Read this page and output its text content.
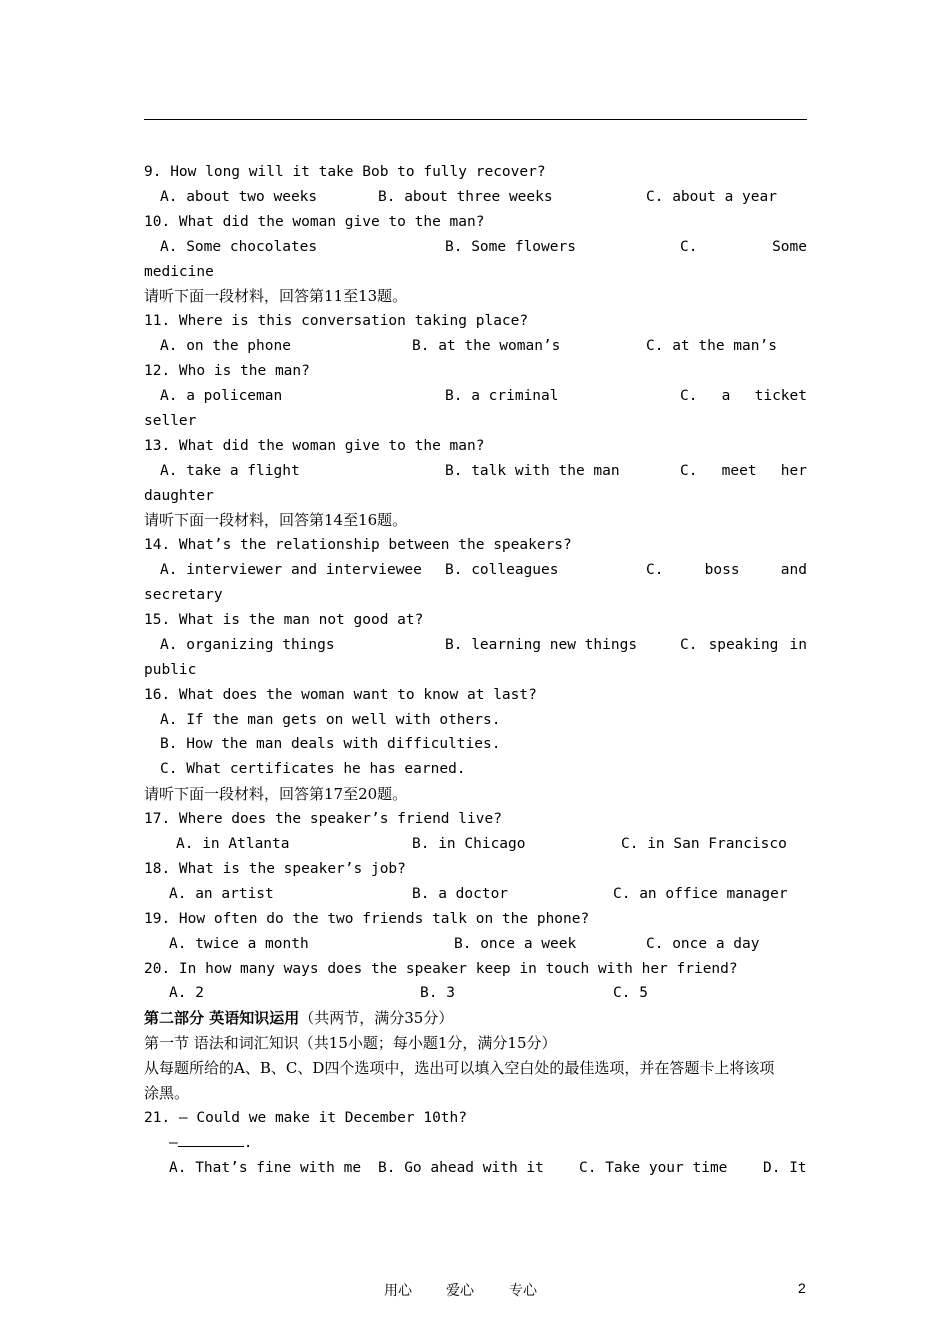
9. How long will it take Bob to fully recover?

A. about two weeks

	B. about three weeks

	C. about a year

10. What did the woman give to the man?

A. Some chocolates

	B. Some flowers

	C.

	Some

medicine
请听下面一段材料，回答第11至13题。
11. Where is this conversation taking place?

A. on the phone

	B. at the woman’s

	C. at the man’s

12. Who is the man?

A. a policeman

	B. a criminal

	C. a ticket

seller
13. What did the woman give to the man?

A. take a flight

	B. talk with the man

	C. meet her

daughter
请听下面一段材料，回答第14至16题。
14. What’s the relationship between the speakers?

A. interviewer and interviewee

B. colleagues

	C.	boss	and

secretary
15. What is the man not good at?

A. organizing things

	B. learning new things

	C. speaking in

public
16. What does the woman want to know at last?
A. If the man gets on well with others.
B. How the man deals with difficulties.
C. What certificates he has earned.
请听下面一段材料，回答第17至20题。
17. Where does the speaker’s friend live?

A. in Atlanta

	B. in Chicago

	C. in San Francisco

18. What is the speaker’s job?

A. an artist

	B. a doctor

	C. an office manager

19. How often do the two friends talk on the phone?

A. twice a month

	B. once a week

	C. once a day

20. In how many ways does the speaker keep in touch with her friend?

A. 2

	B. 3

	C. 5

第二部分 英语知识运用（共两节，满分35分）
第一节 语法和词汇知识（共15小题；每小题1分，满分15分）
从每题所给的A、B、C、D四个选项中，选出可以填入空白处的最佳选项，并在答题卡上将该项
涂黑。
21. — Could we make it December 10th?
—	.

A. That’s fine with me

B. Go ahead with it

C. Take your time

D. It

用心 爱心	专心	2
